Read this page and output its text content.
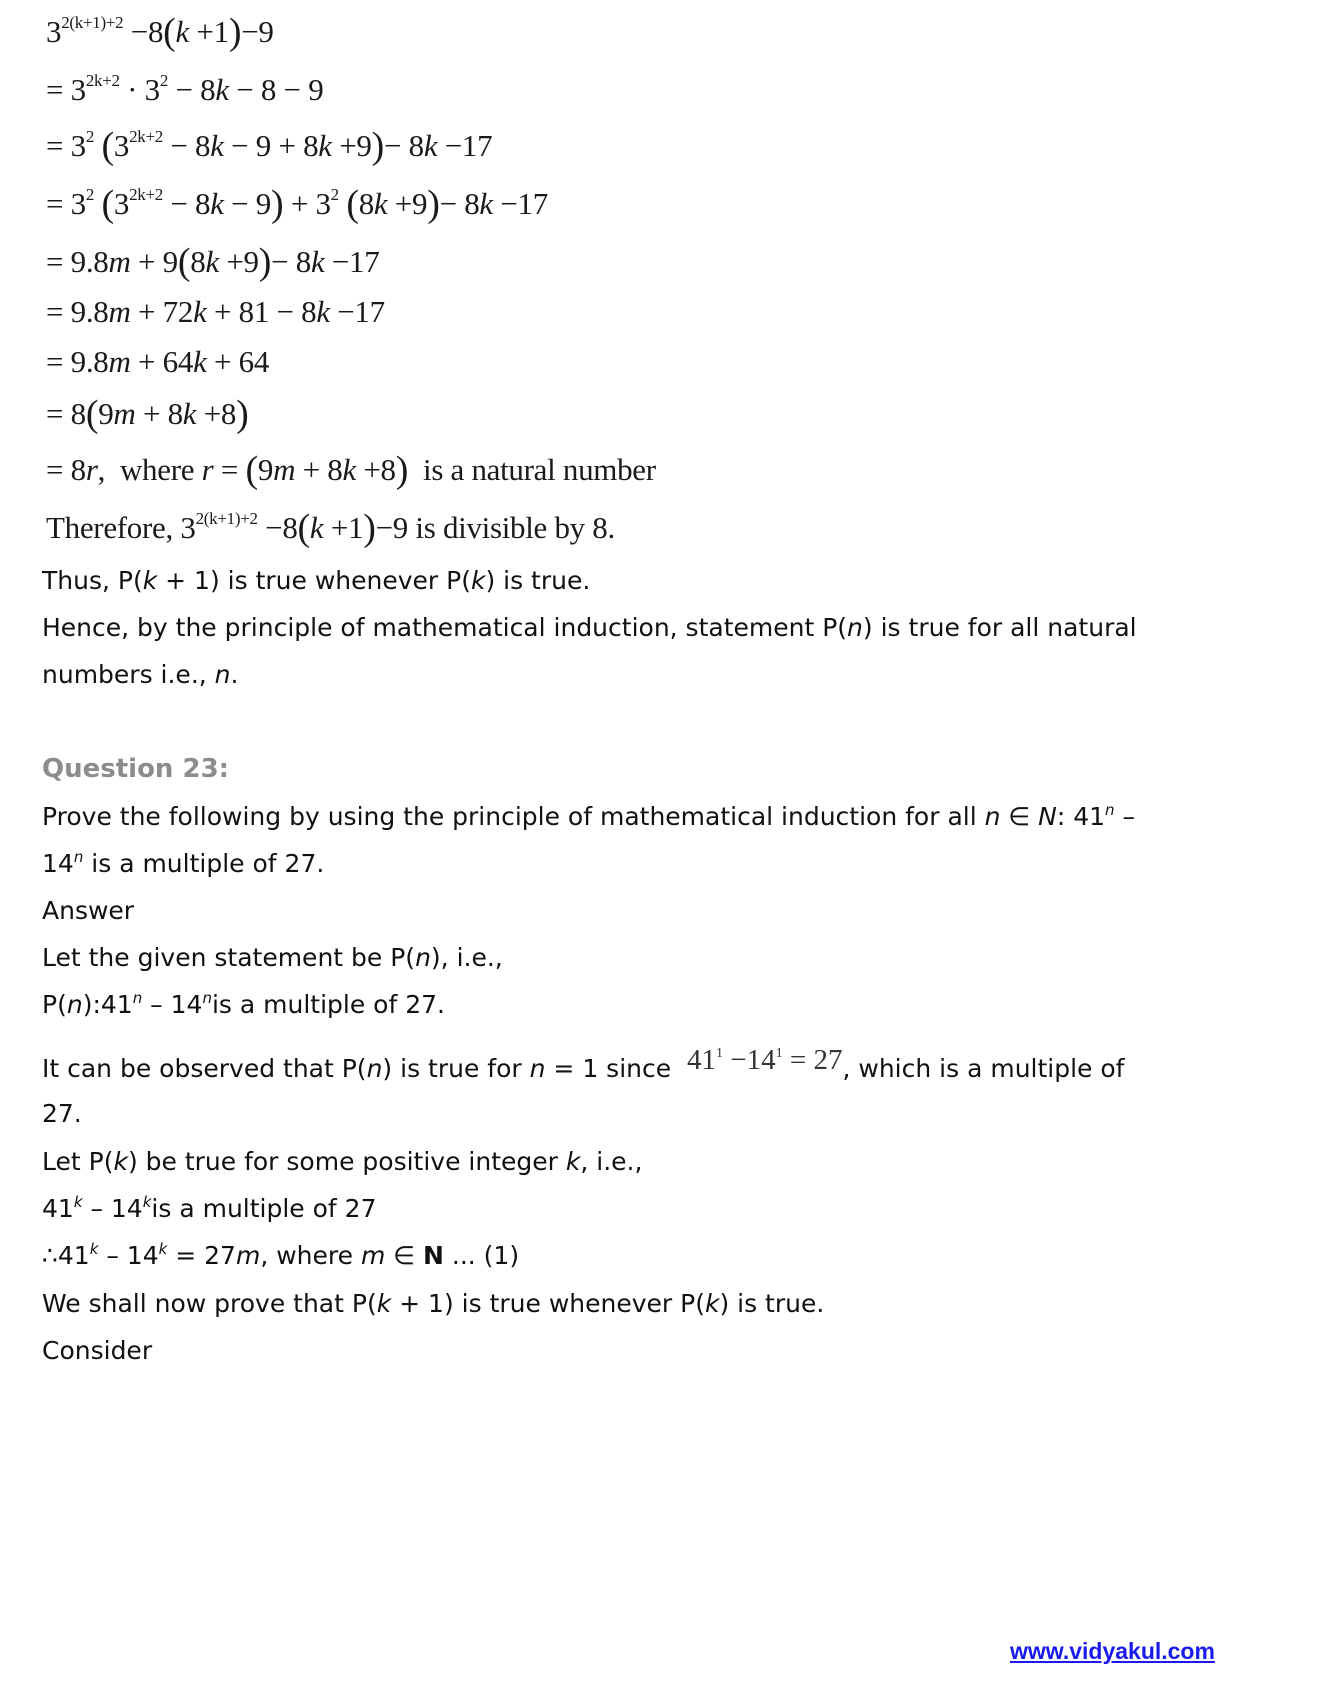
$3^{2(k+1)+2} -8(k +1)-9$
= $3^{2k+2} \cdot 3^2 - 8k - 8 - 9$
= $3^2$ $(3^{2k+2} - 8k - 9 + 8k +9)- 8k -17$
= $3^2$ $(3^{2k+2} - 8k - 9) + 3^2$ (8k +9)− 8k −17
= 9.8m + 9(8k +9)− 8k −17
= 9.8m + 72k + 81 − 8k −17
= 9.8m + 64k + 64
= 8(9m + 8k +8)
= 8r,  where r = (9m + 8k +8)  is a natural number
Therefore, $3^{2(k+1)+2} -8(k +1)-9$ is divisible by 8.
Thus, P(k + 1) is true whenever P(k) is true.
Hence, by the principle of mathematical induction, statement P(n) is true for all natural
numbers i.e., n.
Question 23:
Prove the following by using the principle of mathematical induction for all n ∈ N: 41$^n$ –
14$^n$ is a multiple of 27.
Answer
Let the given statement be P(n), i.e.,
P(n):41$^n$ – 14$^n$is a multiple of 27.
It can be observed that P(n) is true for n = 1 since  $41^1 -14^1 = 27$, which is a multiple of
27.
Let P(k) be true for some positive integer k, i.e.,
41$^k$ – 14$^k$is a multiple of 27
∴41$^k$ – $14^k = 27m$, where m ∈ N ... (1)
We shall now prove that P(k + 1) is true whenever P(k) is true.
Consider
www.vidyakul.com
